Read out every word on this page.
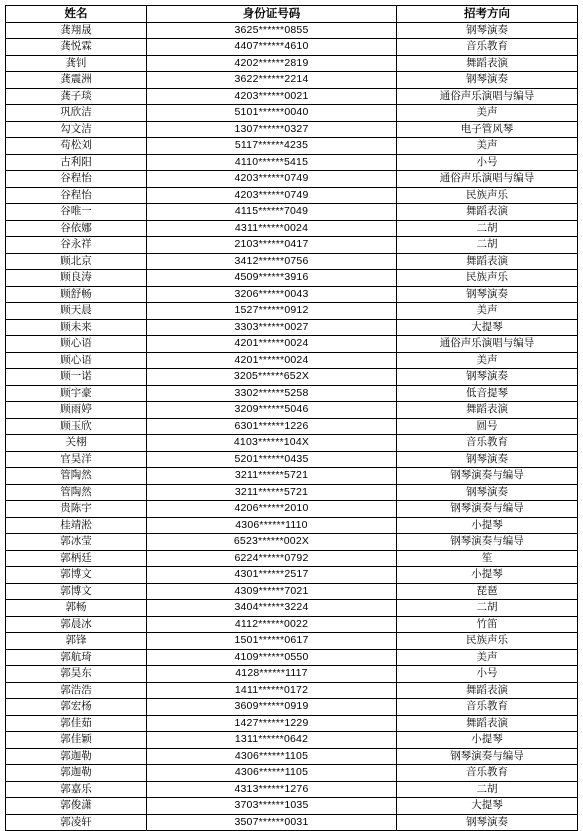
姓名	身份证号码	招考方向
龚翔晟	3625******0855	钢琴演奏
龚悦霖	4407******4610	音乐教育
龚钊	4202******2819	舞蹈表演
龚震洲	3622******2214	钢琴演奏
龚子琰	4203******0021	通俗声乐演唱与编导
巩欣洁	5101******0040	美声
勾文洁	1307******0327	电子管风琴
苟松刘	5117******4235	美声
古利阳	4110******5415	小号
谷程怡	4203******0749	通俗声乐演唱与编导
谷程怡	4203******0749	民族声乐
谷唯一	4115******7049	舞蹈表演
谷依娜	4311******0024	二胡
谷永祥	2103******0417	二胡
顾北京	3412******0756	舞蹈表演
顾良涛	4509******3916	民族声乐
顾舒畅	3206******0043	钢琴演奏
顾天晨	1527******0912	美声
顾未来	3303******0027	大提琴
顾心语	4201******0024	通俗声乐演唱与编导
顾心语	4201******0024	美声
顾一诺	3205******652X	钢琴演奏
顾宇豪	3302******5258	低音提琴
顾雨婷	3209******5046	舞蹈表演
顾玉欣	6301******1226	圆号
关栩	4103******104X	音乐教育
官昊洋	5201******0435	钢琴演奏
管陶然	3211******5721	钢琴演奏与编导
管陶然	3211******5721	钢琴演奏
贵陈宇	4206******2010	钢琴演奏与编导
桂靖淞	4306******1110	小提琴
郭冰莹	6523******002X	钢琴演奏与编导
郭柄廷	6224******0792	笙
郭博文	4301******2517	小提琴
郭博文	4309******7021	琵琶
郭畅	3404******3224	二胡
郭晨冰	4112******0022	竹笛
郭锋	1501******0617	民族声乐
郭航琦	4109******0550	美声
郭昊东	4128******1117	小号
郭浩浩	1411******0172	舞蹈表演
郭宏杨	3609******0919	音乐教育
郭佳茹	1427******1229	舞蹈表演
郭佳颖	1311******0642	小提琴
郭迦勒	4306******1105	钢琴演奏与编导
郭迦勒	4306******1105	音乐教育
郭嘉乐	4313******1276	二胡
郭俊潇	3703******1035	大提琴
郭凌轩	3507******0031	钢琴演奏
